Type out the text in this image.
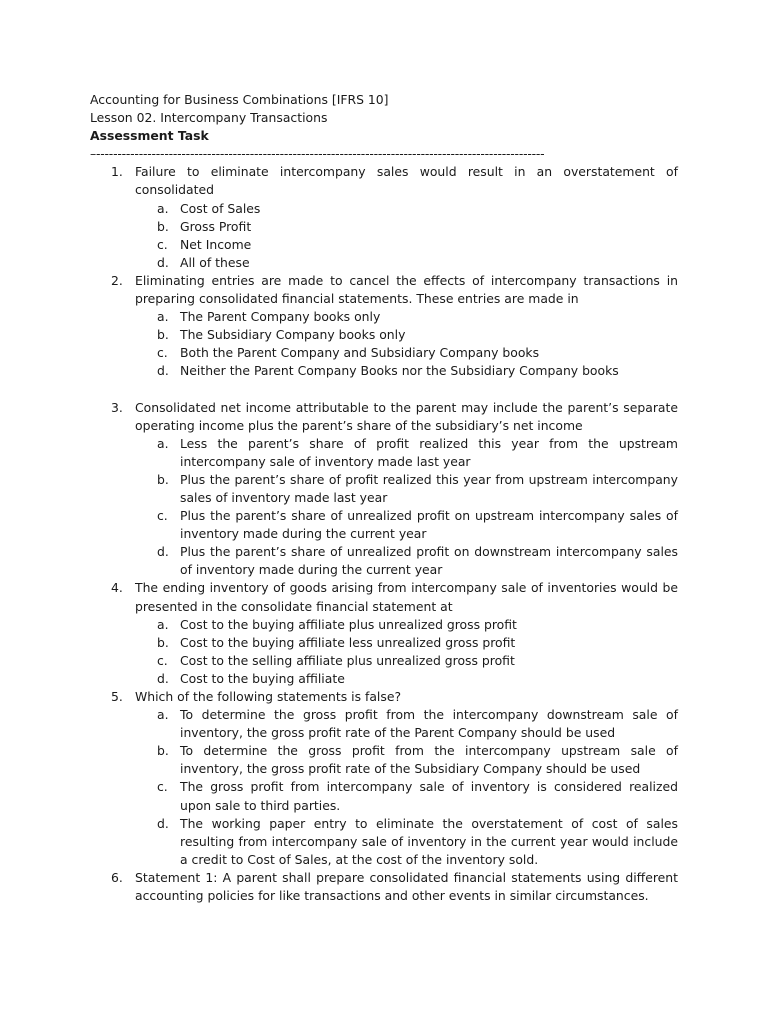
Accounting for Business Combinations [IFRS 10]
Lesson 02. Intercompany Transactions
Assessment Task
–---------------------------------------------------------------------------------------------------------
1. Failure to eliminate intercompany sales would result in an overstatement of consolidated
a. Cost of Sales
b. Gross Profit
c. Net Income
d. All of these
2. Eliminating entries are made to cancel the effects of intercompany transactions in preparing consolidated financial statements. These entries are made in
a. The Parent Company books only
b. The Subsidiary Company books only
c. Both the Parent Company and Subsidiary Company books
d. Neither the Parent Company Books nor the Subsidiary Company books
3. Consolidated net income attributable to the parent may include the parent’s separate operating income plus the parent’s share of the subsidiary’s net income
a. Less the parent’s share of profit realized this year from the upstream intercompany sale of inventory made last year
b. Plus the parent’s share of profit realized this year from upstream intercompany sales of inventory made last year
c. Plus the parent’s share of unrealized profit on upstream intercompany sales of inventory made during the current year
d. Plus the parent’s share of unrealized profit on downstream intercompany sales of inventory made during the current year
4. The ending inventory of goods arising from intercompany sale of inventories would be presented in the consolidate financial statement at
a. Cost to the buying affiliate plus unrealized gross profit
b. Cost to the buying affiliate less unrealized gross profit
c. Cost to the selling affiliate plus unrealized gross profit
d. Cost to the buying affiliate
5. Which of the following statements is false?
a. To determine the gross profit from the intercompany downstream sale of inventory, the gross profit rate of the Parent Company should be used
b. To determine the gross profit from the intercompany upstream sale of inventory, the gross profit rate of the Subsidiary Company should be used
c. The gross profit from intercompany sale of inventory is considered realized upon sale to third parties.
d. The working paper entry to eliminate the overstatement of cost of sales resulting from intercompany sale of inventory in the current year would include a credit to Cost of Sales, at the cost of the inventory sold.
6. Statement 1: A parent shall prepare consolidated financial statements using different accounting policies for like transactions and other events in similar circumstances.
